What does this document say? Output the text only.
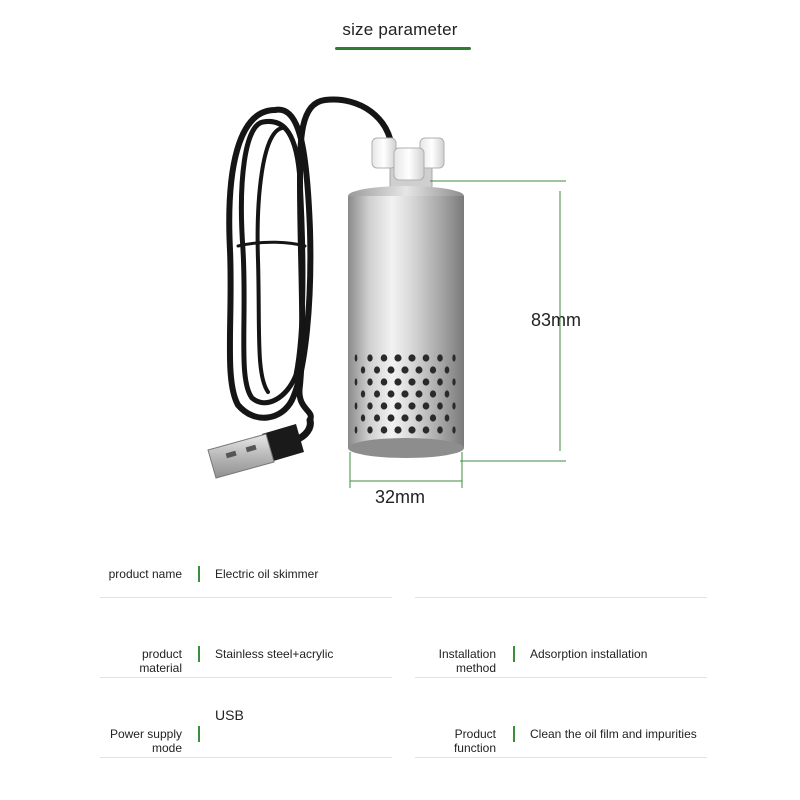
size parameter
83mm
32mm
product name	Electric oil skimmer
product
material
Stainless steel+acrylic	Installation
method
Adsorption installation
Power supply
mode
USB
Product
function
Clean the oil film and impurities
